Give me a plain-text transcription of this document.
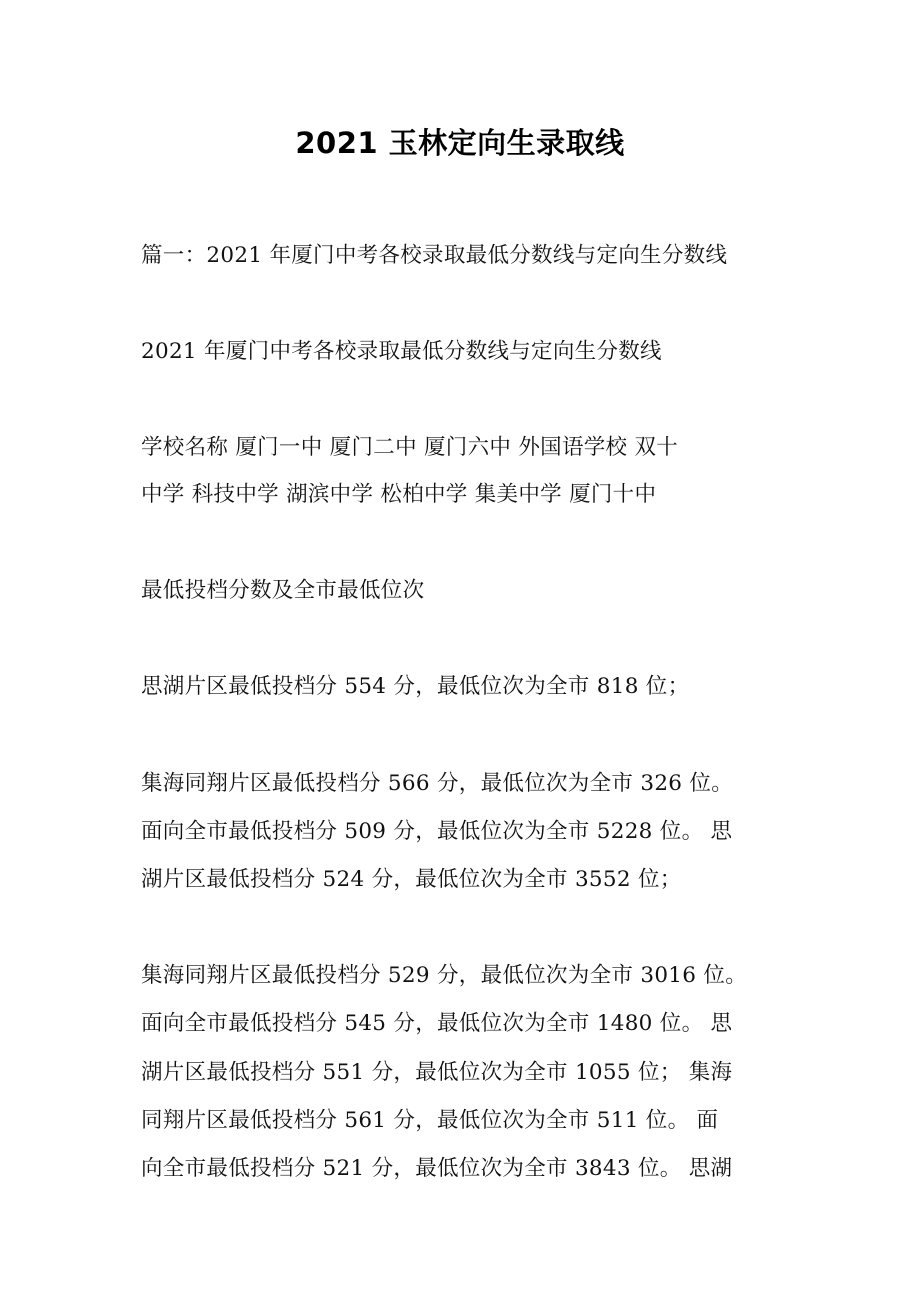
2021 玉林定向生录取线
篇一：2021 年厦门中考各校录取最低分数线与定向生分数线
2021 年厦门中考各校录取最低分数线与定向生分数线
学校名称 厦门一中 厦门二中 厦门六中 外国语学校 双十
中学 科技中学 湖滨中学 松柏中学 集美中学 厦门十中
最低投档分数及全市最低位次
思湖片区最低投档分 554 分，最低位次为全市 818 位；
集海同翔片区最低投档分 566 分，最低位次为全市 326 位。
面向全市最低投档分 509 分，最低位次为全市 5228 位。 思
湖片区最低投档分 524 分，最低位次为全市 3552 位；
集海同翔片区最低投档分 529 分，最低位次为全市 3016 位。
面向全市最低投档分 545 分，最低位次为全市 1480 位。 思
湖片区最低投档分 551 分，最低位次为全市 1055 位； 集海
同翔片区最低投档分 561 分，最低位次为全市 511 位。 面
向全市最低投档分 521 分，最低位次为全市 3843 位。 思湖
